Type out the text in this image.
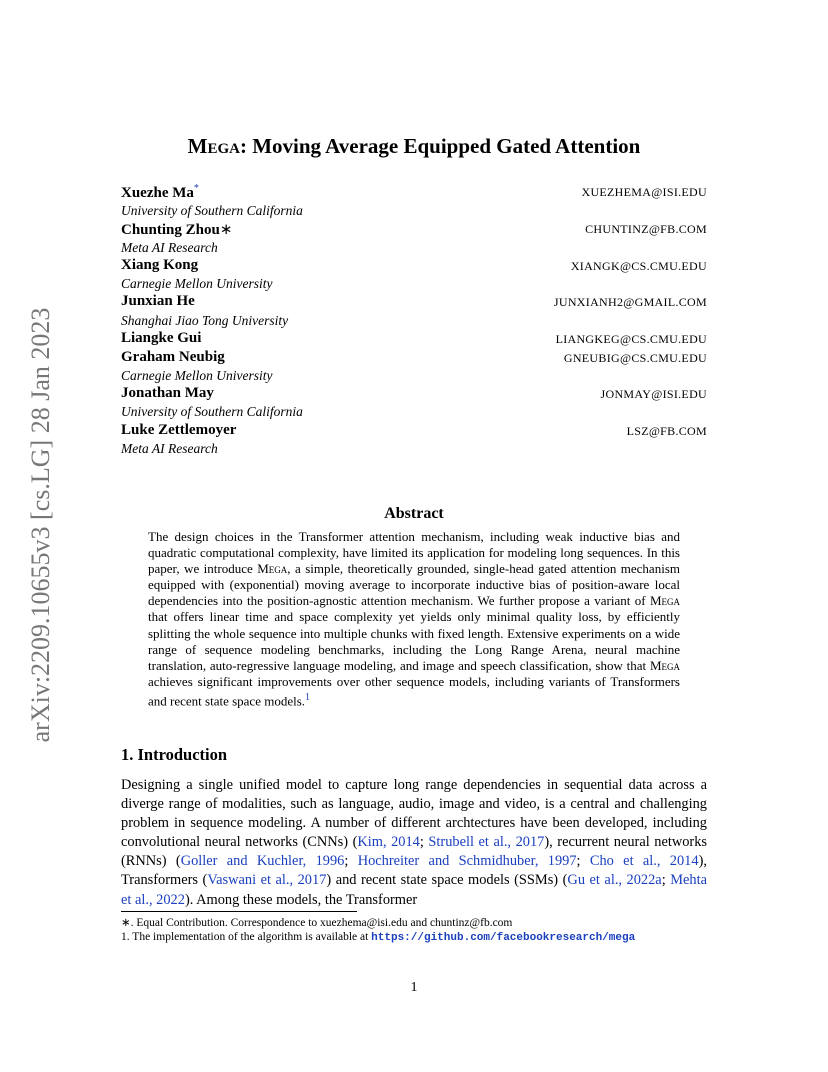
arXiv:2209.10655v3 [cs.LG] 28 Jan 2023
Mega: Moving Average Equipped Gated Attention
Xuezhe Ma*	XUEZHEMA@ISI.EDU
University of Southern California
Chunting Zhou∗	CHUNTINZ@FB.COM
Meta AI Research
Xiang Kong	XIANGK@CS.CMU.EDU
Carnegie Mellon University
Junxian He	JUNXIANH2@GMAIL.COM
Shanghai Jiao Tong University
Liangke Gui	LIANGKEG@CS.CMU.EDU
Graham Neubig	GNEUBIG@CS.CMU.EDU
Carnegie Mellon University
Jonathan May	JONMAY@ISI.EDU
University of Southern California
Luke Zettlemoyer	LSZ@FB.COM
Meta AI Research
Abstract
The design choices in the Transformer attention mechanism, including weak inductive bias and quadratic computational complexity, have limited its application for modeling long sequences. In this paper, we introduce Mega, a simple, theoretically grounded, single-head gated attention mechanism equipped with (exponential) moving average to incorporate inductive bias of position-aware local dependencies into the position-agnostic attention mechanism. We further propose a variant of Mega that offers linear time and space complexity yet yields only minimal quality loss, by efficiently splitting the whole sequence into multiple chunks with fixed length. Extensive experiments on a wide range of sequence modeling benchmarks, including the Long Range Arena, neural machine translation, auto-regressive language modeling, and image and speech classification, show that Mega achieves significant improvements over other sequence models, including variants of Transformers and recent state space models.$^1$
1. Introduction
Designing a single unified model to capture long range dependencies in sequential data across a diverge range of modalities, such as language, audio, image and video, is a central and challenging problem in sequence modeling. A number of different archtectures have been developed, including convolutional neural networks (CNNs) (Kim, 2014; Strubell et al., 2017), recurrent neural networks (RNNs) (Goller and Kuchler, 1996; Hochreiter and Schmidhuber, 1997; Cho et al., 2014), Transformers (Vaswani et al., 2017) and recent state space models (SSMs) (Gu et al., 2022a; Mehta et al., 2022). Among these models, the Transformer
∗. Equal Contribution. Correspondence to xuezhema@isi.edu and chuntinz@fb.com
1. The implementation of the algorithm is available at https://github.com/facebookresearch/mega
1
